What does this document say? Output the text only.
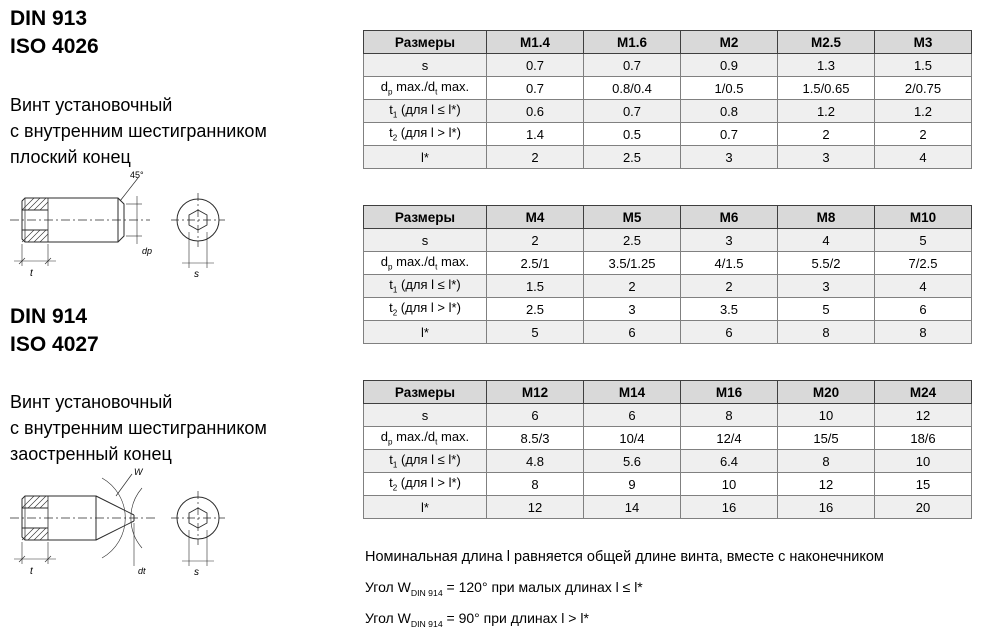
DIN 913
ISO 4026
Винт установочный
с внутренним шестигранником
плоский конец
45°
t
dp
s
DIN 914
ISO 4027
Винт установочный
с внутренним шестигранником
заостренный конец
W
t	dt	s
Размеры	M1.4	M1.6	M2	M2.5	M3
s	0.7	0.7	0.9	1.3	1.5
$d_p$ $\max./d_t$ max.	0.7	0.8/0.4	1/0.5	1.5/0.65	2/0.75
$t_1$ (для l ≤ l*)	0.6	0.7	0.8	1.2	1.2
$t_2$ (для l > l*)	1.4	0.5	0.7	2	2
l*	2	2.5	3	3	4
Размеры	M4	M5	M6	M8	M10
s	2	2.5	3	4	5
$d_p$ $\max./d_t$ max.	2.5/1	3.5/1.25	4/1.5	5.5/2	7/2.5
$t_1$ (для l ≤ l*)	1.5	2	2	3	4
$t_2$ (для l > l*)	2.5	3	3.5	5	6
l*	5	6	6	8	8
Размеры	M12	M14	M16	M20	M24
s	6	6	8	10	12
$d_p$ $\max./d_t$ max.	8.5/3	10/4	12/4	15/5	18/6
$t_1$ (для l ≤ l*)	4.8	5.6	6.4	8	10
$t_2$ (для l > l*)	8	9	10	12	15
l*	12	14	16	16	20

Номинальная длина l равняется общей длине винта, вместе с наконечником

Угол $W_{DIN 914} = 120^\circ$ при малых длинах l ≤ l*

Угол $W_{DIN 914} = 90^\circ$ при длинах l > l*
